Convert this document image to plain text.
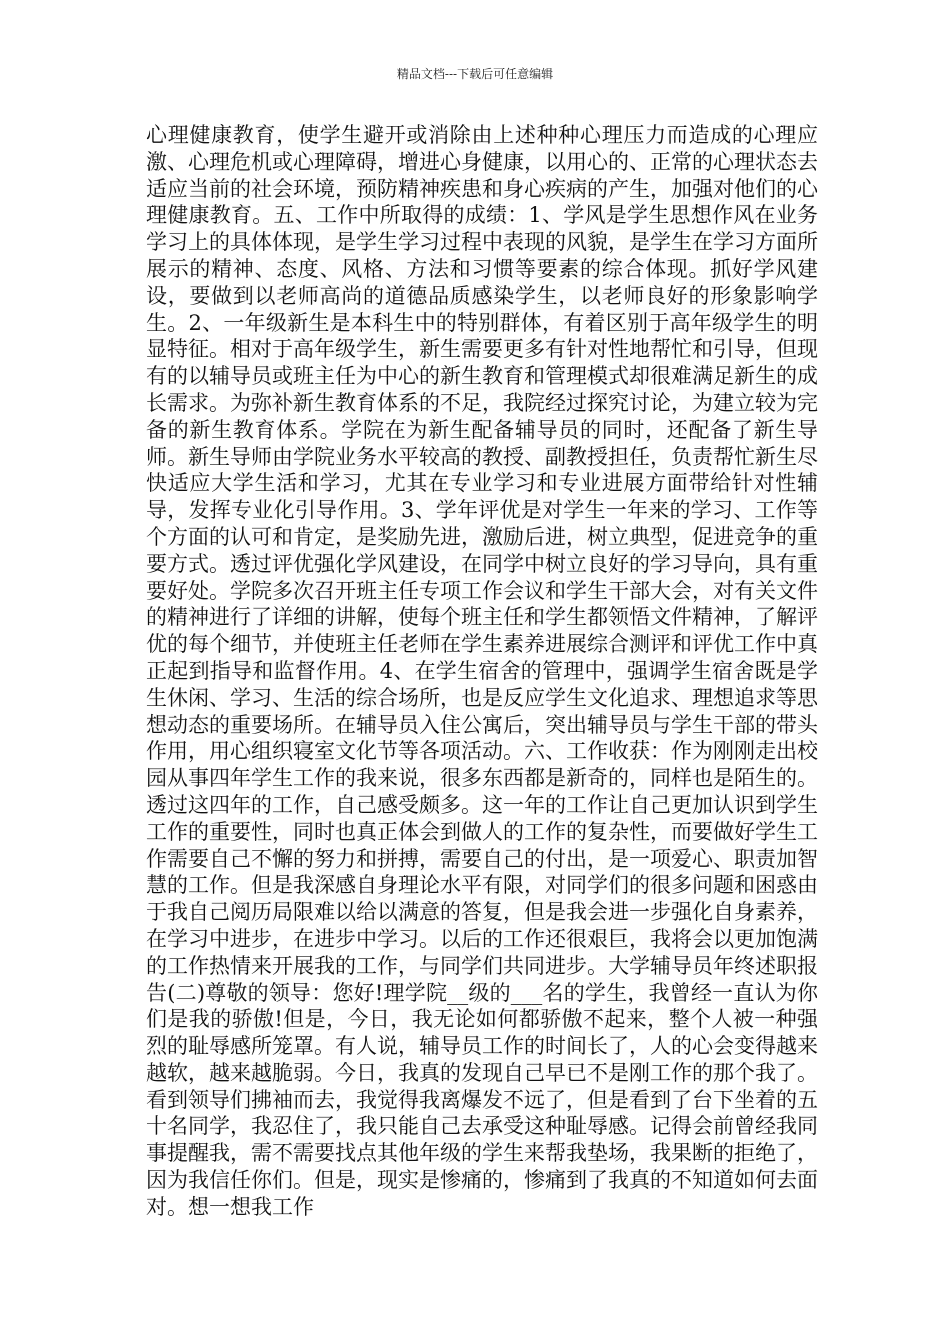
精品文档---下载后可任意编辑

心理健康教育，使学生避开或消除由上述种种心理压力而造成的心理应激、心理危机或心理障碍，增进心身健康，以用心的、正常的心理状态去适应当前的社会环境，预防精神疾患和身心疾病的产生，加强对他们的心理健康教育。五、工作中所取得的成绩：1、学风是学生思想作风在业务学习上的具体体现，是学生学习过程中表现的风貌，是学生在学习方面所展示的精神、态度、风格、方法和习惯等要素的综合体现。抓好学风建设，要做到以老师高尚的道德品质感染学生，以老师良好的形象影响学生。2、一年级新生是本科生中的特别群体，有着区别于高年级学生的明显特征。相对于高年级学生，新生需要更多有针对性地帮忙和引导，但现有的以辅导员或班主任为中心的新生教育和管理模式却很难满足新生的成长需求。为弥补新生教育体系的不足，我院经过探究讨论，为建立较为完备的新生教育体系。学院在为新生配备辅导员的同时，还配备了新生导师。新生导师由学院业务水平较高的教授、副教授担任，负责帮忙新生尽快适应大学生活和学习，尤其在专业学习和专业进展方面带给针对性辅导，发挥专业化引导作用。3、学年评优是对学生一年来的学习、工作等个方面的认可和肯定，是奖励先进，激励后进，树立典型，促进竞争的重要方式。透过评优强化学风建设，在同学中树立良好的学习导向，具有重要好处。学院多次召开班主任专项工作会议和学生干部大会，对有关文件的精神进行了详细的讲解，使每个班主任和学生都领悟文件精神，了解评优的每个细节，并使班主任老师在学生素养进展综合测评和评优工作中真正起到指导和监督作用。4、在学生宿舍的管理中，强调学生宿舍既是学生休闲、学习、生活的综合场所，也是反应学生文化追求、理想追求等思想动态的重要场所。在辅导员入住公寓后，突出辅导员与学生干部的带头作用，用心组织寝室文化节等各项活动。六、工作收获：作为刚刚走出校园从事四年学生工作的我来说，很多东西都是新奇的，同样也是陌生的。透过这四年的工作，自己感受颇多。这一年的工作让自己更加认识到学生工作的重要性，同时也真正体会到做人的工作的复杂性，而要做好学生工作需要自己不懈的努力和拼搏，需要自己的付出，是一项爱心、职责加智慧的工作。但是我深感自身理论水平有限，对同学们的很多问题和困惑由于我自己阅历局限难以给以满意的答复，但是我会进一步强化自身素养，在学习中进步，在进步中学习。以后的工作还很艰巨，我将会以更加饱满的工作热情来开展我的工作，与同学们共同进步。大学辅导员年终述职报告(二)尊敬的领导：您好!理学院__级的___名的学生，我曾经一直认为你们是我的骄傲!但是，今日，我无论如何都骄傲不起来，整个人被一种强烈的耻辱感所笼罩。有人说，辅导员工作的时间长了，人的心会变得越来越软，越来越脆弱。今日，我真的发现自己早已不是刚工作的那个我了。看到领导们拂袖而去，我觉得我离爆发不远了，但是看到了台下坐着的五十名同学，我忍住了，我只能自己去承受这种耻辱感。记得会前曾经我同事提醒我，需不需要找点其他年级的学生来帮我垫场，我果断的拒绝了，因为我信任你们。但是，现实是惨痛的，惨痛到了我真的不知道如何去面对。想一想我工作
